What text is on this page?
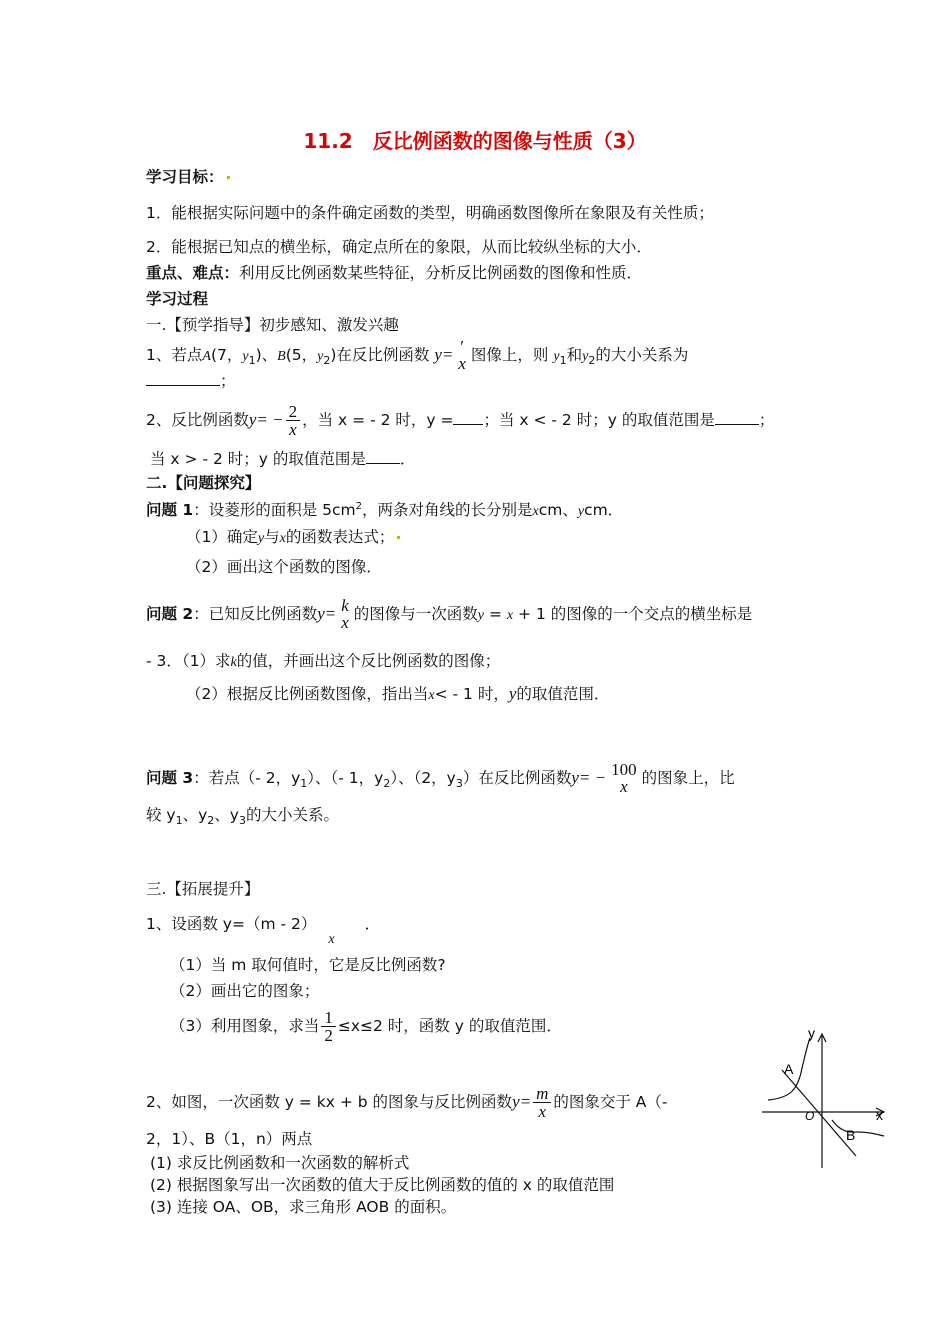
11.2　反比例函数的图像与性质（3）
学习目标：
1．能根据实际问题中的条件确定函数的类型，明确函数图像所在象限及有关性质；
2．能根据已知点的横坐标，确定点所在的象限，从而比较纵坐标的大小．
重点、难点：利用反比例函数某些特征，分析反比例函数的图像和性质．
学习过程
一.【预学指导】初步感知、激发兴趣
1、若点A(7，$y_1$)、B(5，$y_2$)在反比例函数 y= ′
x 图像上，则 $y_1$和$y_2$的大小关系为
；
2、反比例函数$y= - \frac{2}{x}$ ，当 x = - 2 时，y = ；当 x < - 2 时；y 的取值范围是	；
当 x > - 2 时；y 的取值范围是 ．
二.【问题探究】
问题 1：设菱形的面积是 $5cm^2$，两条对角线的长分别是xcm、ycm．
（1）确定y与x的函数表达式；
（2）画出这个函数的图像．
问题 2：已知反比例函数y= k
x 的图像与一次函数y = x + 1 的图像的一个交点的横坐标是
- 3．（1）求k的值，并画出这个反比例函数的图像；
（2）根据反比例函数图像，指出当x< - 1 时，y的取值范围．
问题 3：若点（- 2，$y_1$）、（- 1，$y_2$）、（2，$y_3$）在反比例函数y= − 100
x 的图象上，比
较 $y_1$、$y_2$、$y_3$的大小关系。
三.【拓展提升】
1、设函数 y=（m - 2）x．
（1）当 m 取何值时，它是反比例函数?
（2）画出它的图象；
（3）利用图象，求当 $\frac{1}{2} \le x\le 2$ 时，函数 y 的取值范围．
2、如图，一次函数 y = kx + b 的图象与反比例函数$y= \frac{m}{x}$ 的图象交于 A（-
2，1）、B（1，n）两点
(1) 求反比例函数和一次函数的解析式
(2) 根据图象写出一次函数的值大于反比例函数的值的 x 的取值范围
(3) 连接 OA、OB，求三角形 AOB 的面积。
y
x
O
A
B
